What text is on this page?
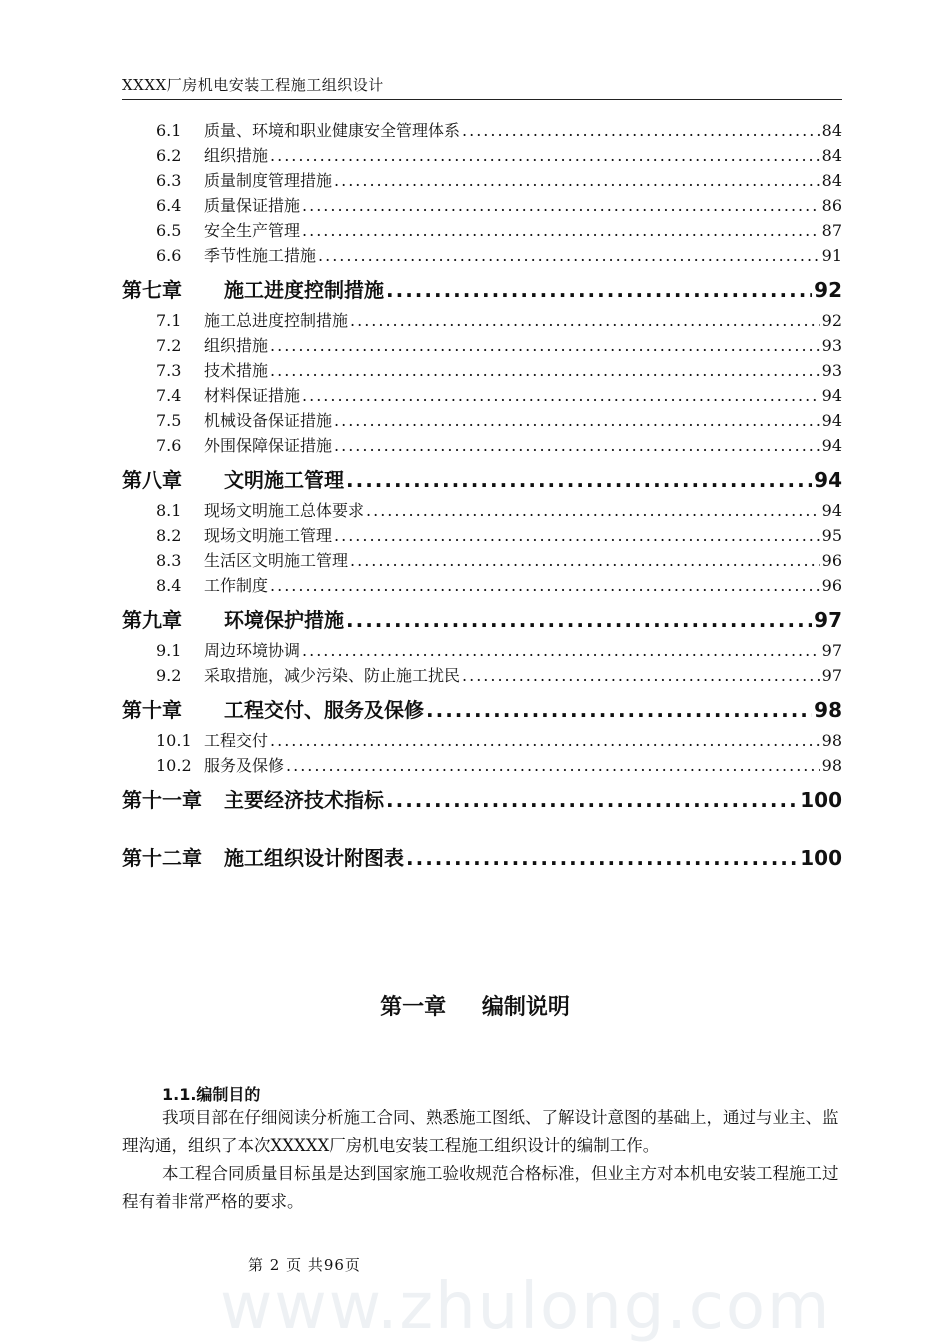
XXXX厂房机电安装工程施工组织设计
6.1	质量、环境和职业健康安全管理体系 .....	84
6.2	组织措施 .....	84
6.3	质量制度管理措施 .....	84
6.4	质量保证措施 .....	86
6.5	安全生产管理 .....	87
6.6	季节性施工措施 .....	91
第七章	施工进度控制措施 .....	92
7.1	施工总进度控制措施 .....	92
7.2	组织措施 .....	93
7.3	技术措施 .....	93
7.4	材料保证措施 .....	94
7.5	机械设备保证措施 .....	94
7.6	外围保障保证措施 .....	94
第八章	文明施工管理 .....	94
8.1	现场文明施工总体要求 .....	94
8.2	现场文明施工管理 .....	95
8.3	生活区文明施工管理 .....	96
8.4	工作制度 .....	96
第九章	环境保护措施 .....	97
9.1	周边环境协调 .....	97
9.2	采取措施，减少污染、防止施工扰民 .....	97
第十章	工程交付、服务及保修 .....	98
10.1 工程交付 .....	98
10.2 服务及保修 .....	98
第十一章	主要经济技术指标 .....	100
第十二章	施工组织设计附图表 .....	100
第一章 编制说明
1.1.编制目的
我项目部在仔细阅读分析施工合同、熟悉施工图纸、了解设计意图的基础上，通过与业主、监理沟通，组织了本次XXXXX厂房机电安装工程施工组织设计的编制工作。
本工程合同质量目标虽是达到国家施工验收规范合格标准，但业主方对本机电安装工程施工过程有着非常严格的要求。
第 2 页 共96页
www.zhulong.com
